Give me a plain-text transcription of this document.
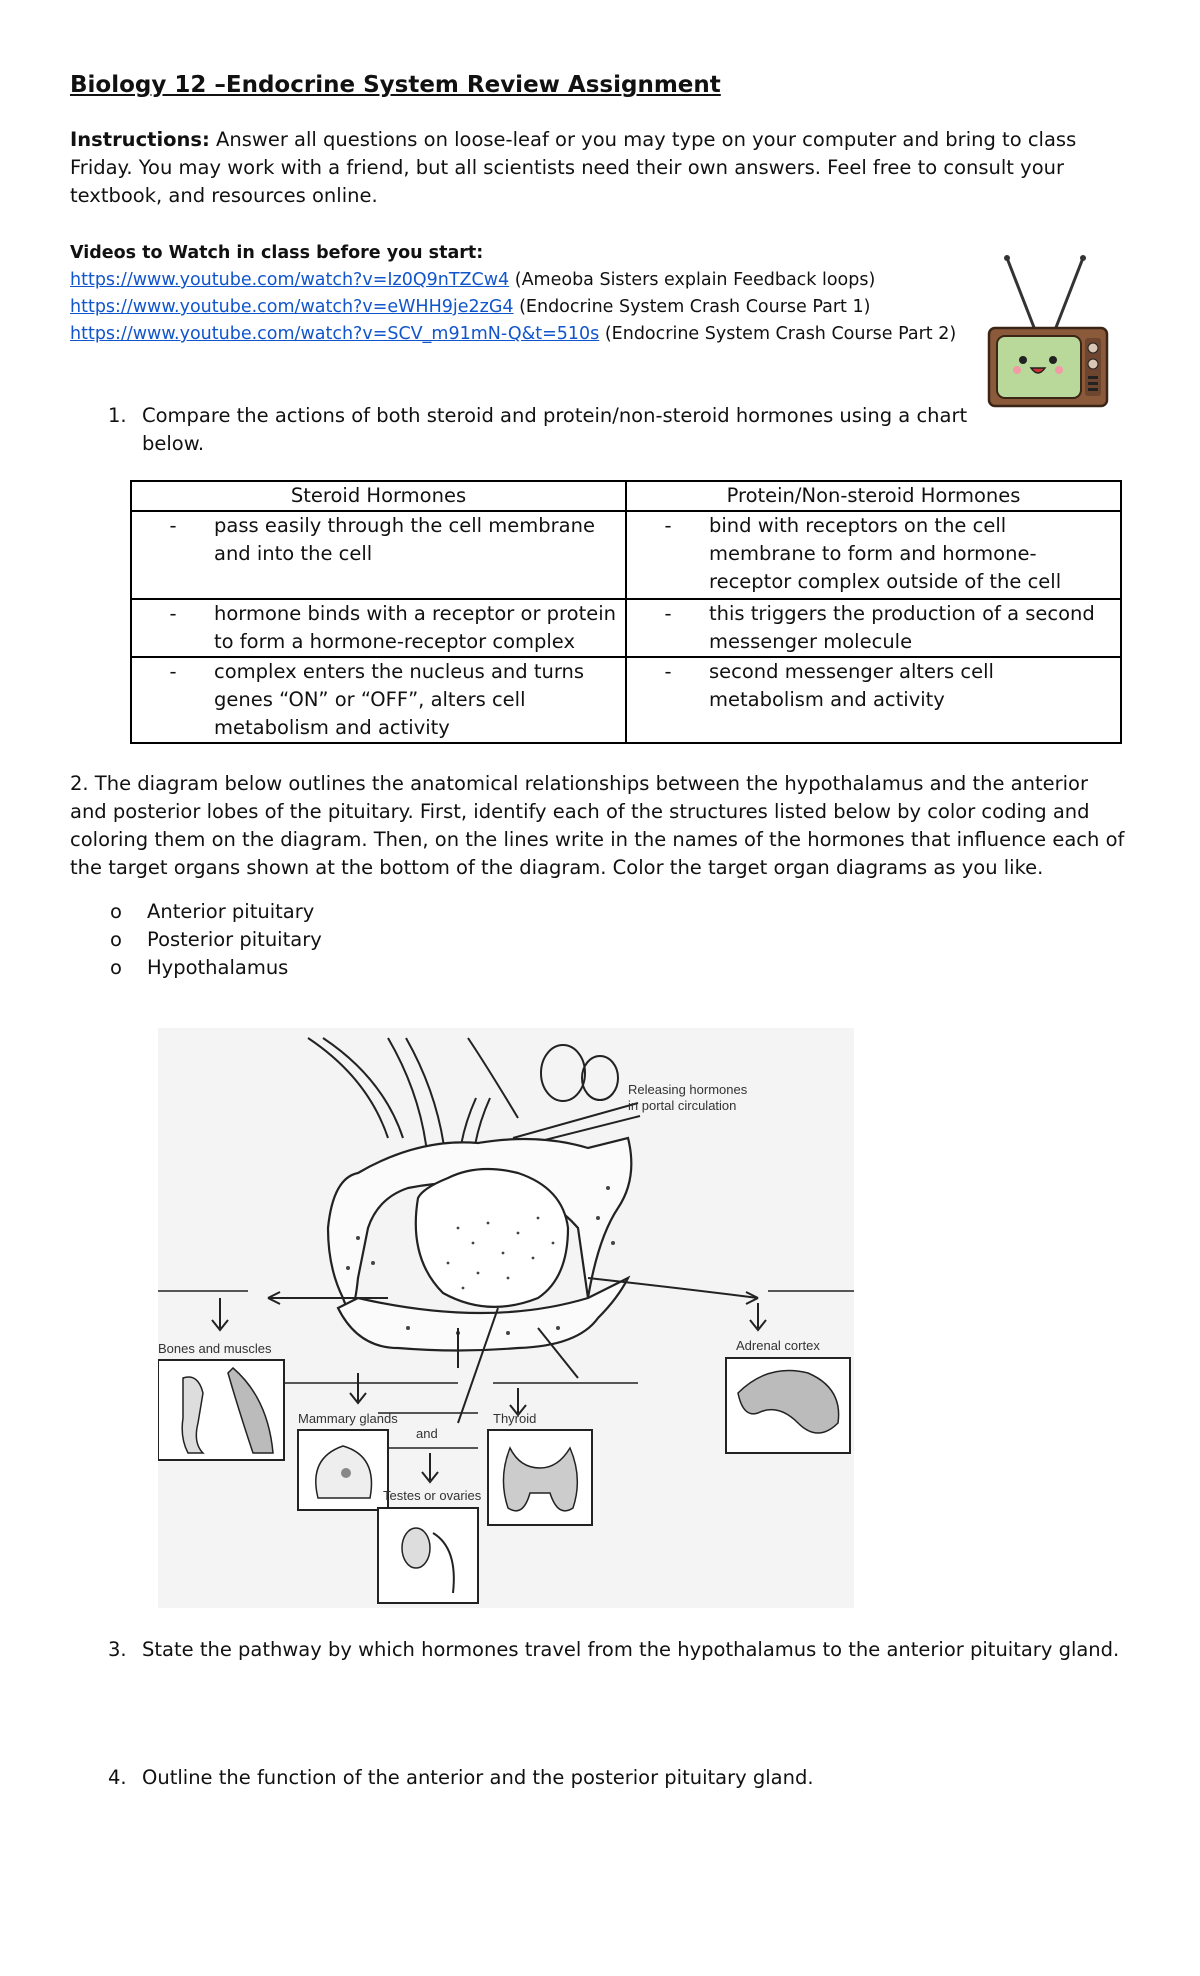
Biology 12 –Endocrine System Review Assignment

Instructions: Answer all questions on loose-leaf or you may type on your computer and bring to class Friday. You may work with a friend, but all scientists need their own answers. Feel free to consult your textbook, and resources online.

Videos to Watch in class before you start:
https://www.youtube.com/watch?v=Iz0Q9nTZCw4 (Ameoba Sisters explain Feedback loops)
https://www.youtube.com/watch?v=eWHH9je2zG4 (Endocrine System Crash Course Part 1)
https://www.youtube.com/watch?v=SCV_m91mN-Q&t=510s (Endocrine System Crash Course Part 2)

1. Compare the actions of both steroid and protein/non-steroid hormones using a chart below.

Steroid Hormones	Protein/Non-steroid Hormones

- pass easily through the cell membrane and into the cell	- bind with receptors on the cell membrane to form and hormone-receptor complex outside of the cell

- hormone binds with a receptor or protein to form a hormone-receptor complex	- this triggers the production of a second messenger molecule

- complex enters the nucleus and turns genes “ON” or “OFF”, alters cell metabolism and activity	- second messenger alters cell metabolism and activity

2. The diagram below outlines the anatomical relationships between the hypothalamus and the anterior and posterior lobes of the pituitary. First, identify each of the structures listed below by color coding and coloring them on the diagram. Then, on the lines write in the names of the hormones that influence each of the target organs shown at the bottom of the diagram. Color the target organ diagrams as you like.

o	Anterior pituitary
o	Posterior pituitary
o	Hypothalamus
Releasing hormones
in portal circulation
Bones and muscles
Mammary glands
and
Testes or ovaries
Thyroid
Adrenal cortex

3. State the pathway by which hormones travel from the hypothalamus to the anterior pituitary gland.

4. Outline the function of the anterior and the posterior pituitary gland.
